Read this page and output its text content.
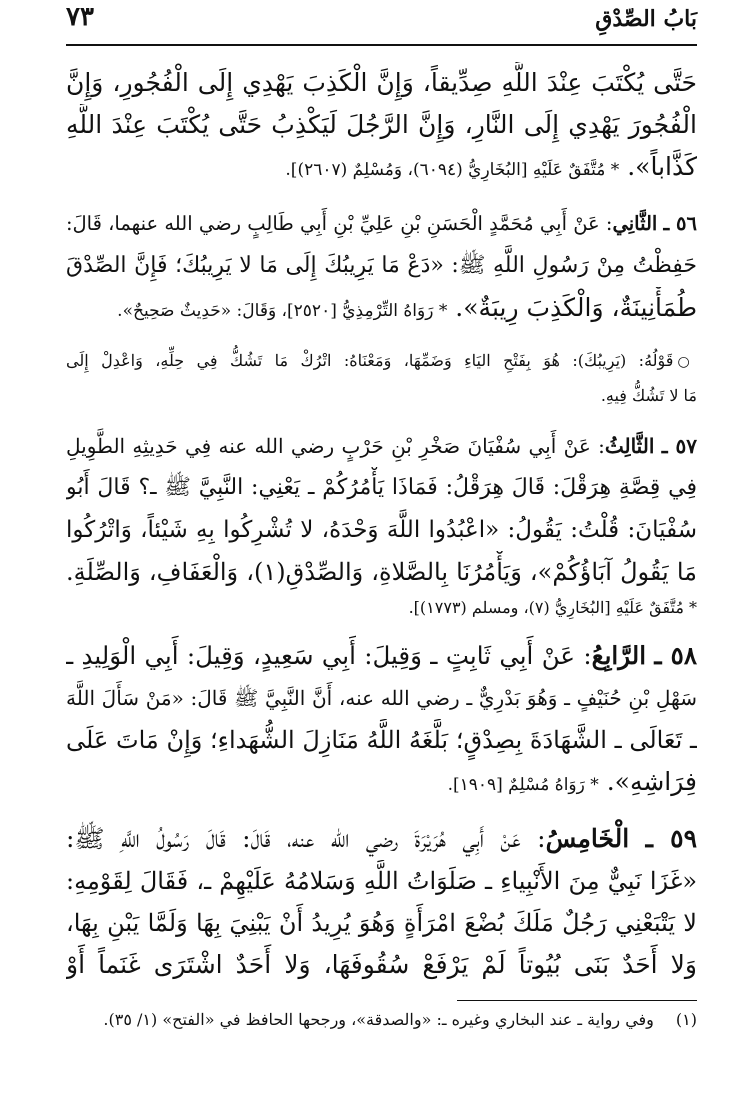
بَابُ الصِّدْقِ
٧٣
حَتَّى يُكْتَبَ عِنْدَ اللَّهِ صِدِّيقاً، وَإِنَّ الْكَذِبَ يَهْدِي إِلَى الْفُجُورِ، وَإِنَّ
الْفُجُورَ يَهْدِي إِلَى النَّارِ، وَإِنَّ الرَّجُلَ لَيَكْذِبُ حَتَّى يُكْتَبَ عِنْدَ اللَّهِ
كَذَّاباً». * مُتَّفَقٌ عَلَيْهِ [البُخَارِيُّ (٦٠٩٤)، وَمُسْلِمٌ (٢٦٠٧)].
٥٦ ـ الثَّانِي: عَنْ أَبِي مُحَمَّدٍ الْحَسَنِ بْنِ عَلِيِّ بْنِ أَبِي طَالِبٍ رضي الله عنهما، قَالَ:
حَفِظْتُ مِنْ رَسُولِ اللَّهِ ﷺ: «دَعْ مَا يَرِيبُكَ إِلَى مَا لا يَرِيبُكَ؛ فَإِنَّ الصِّدْقَ
طُمَأْنِينَةٌ، وَالْكَذِبَ رِيبَةٌ». * رَوَاهُ التِّرْمِذِيُّ [٢٥٢٠]، وَقَالَ: «حَدِيثٌ صَحِيحٌ».
○قَوْلُهُ: (يَرِيبُكَ): هُوَ بِفَتْحِ اليَاءِ وَضَمِّهَا، وَمَعْنَاهُ: اتْرُكْ مَا تَشُكُّ فِي حِلِّهِ، وَاعْدِلْ إِلَى
مَا لا تَشُكُّ فِيهِ.
٥٧ ـ الثَّالِثُ: عَنْ أَبِي سُفْيَانَ صَخْرِ بْنِ حَرْبٍ رضي الله عنه فِي حَدِيثِهِ الطَّوِيلِ
فِي قِصَّةِ هِرَقْلَ: قَالَ هِرَقْلُ: فَمَاذَا يَأْمُرُكُمْ ـ يَعْنِي: النَّبِيَّ ﷺ ـ؟ قَالَ أَبُو
سُفْيَانَ: قُلْتُ: يَقُولُ: «اعْبُدُوا اللَّهَ وَحْدَهُ، لا تُشْرِكُوا بِهِ شَيْئاً، وَاتْرُكُوا
مَا يَقُولُ آبَاؤُكُمْ»، وَيَأْمُرُنَا بِالصَّلاةِ، وَالصِّدْقِ(١)، وَالْعَفَافِ، وَالصِّلَةِ.
* مُتَّفَقٌ عَلَيْهِ [البُخَارِيُّ (٧)، ومسلم (١٧٧٣)].
٥٨ ـ الرَّابِعُ: عَنْ أَبِي ثَابِتٍ ـ وَقِيلَ: أَبِي سَعِيدٍ، وَقِيلَ: أَبِي الْوَلِيدِ ـ
سَهْلِ بْنِ حُنَيْفٍ ـ وَهُوَ بَدْرِيٌّ ـ رضي الله عنه، أَنَّ النَّبِيَّ ﷺ قَالَ: «مَنْ سَأَلَ اللَّهَ
ـ تَعَالَى ـ الشَّهَادَةَ بِصِدْقٍ؛ بَلَّغَهُ اللَّهُ مَنَازِلَ الشُّهَداءِ؛ وَإِنْ مَاتَ عَلَى
فِرَاشِهِ». * رَوَاهُ مُسْلِمٌ [١٩٠٩].
٥٩ ـ الْخَامِسُ: عَنْ أَبِي هُرَيْرَةَ رضي الله عنه، قَالَ: قَالَ رَسُولُ اللَّهِ ﷺ:
«غَزَا نَبِيٌّ مِنَ الأَنْبِياءِ ـ صَلَوَاتُ اللَّهِ وَسَلامُهُ عَلَيْهِمْ ـ، فَقَالَ لِقَوْمِهِ:
لا يَتْبَعْنِي رَجُلٌ مَلَكَ بُضْعَ امْرَأَةٍ وَهُوَ يُرِيدُ أَنْ يَبْنِيَ بِهَا وَلَمَّا يَبْنِ بِهَا،
وَلا أَحَدٌ بَنَى بُيُوتاً لَمْ يَرْفَعْ سُقُوفَهَا، وَلا أَحَدٌ اشْتَرَى غَنَماً أَوْ
(١)وفي رواية ـ عند البخاري وغيره ـ: «والصدقة»، ورجحها الحافظ في «الفتح» (١/ ٣٥).
